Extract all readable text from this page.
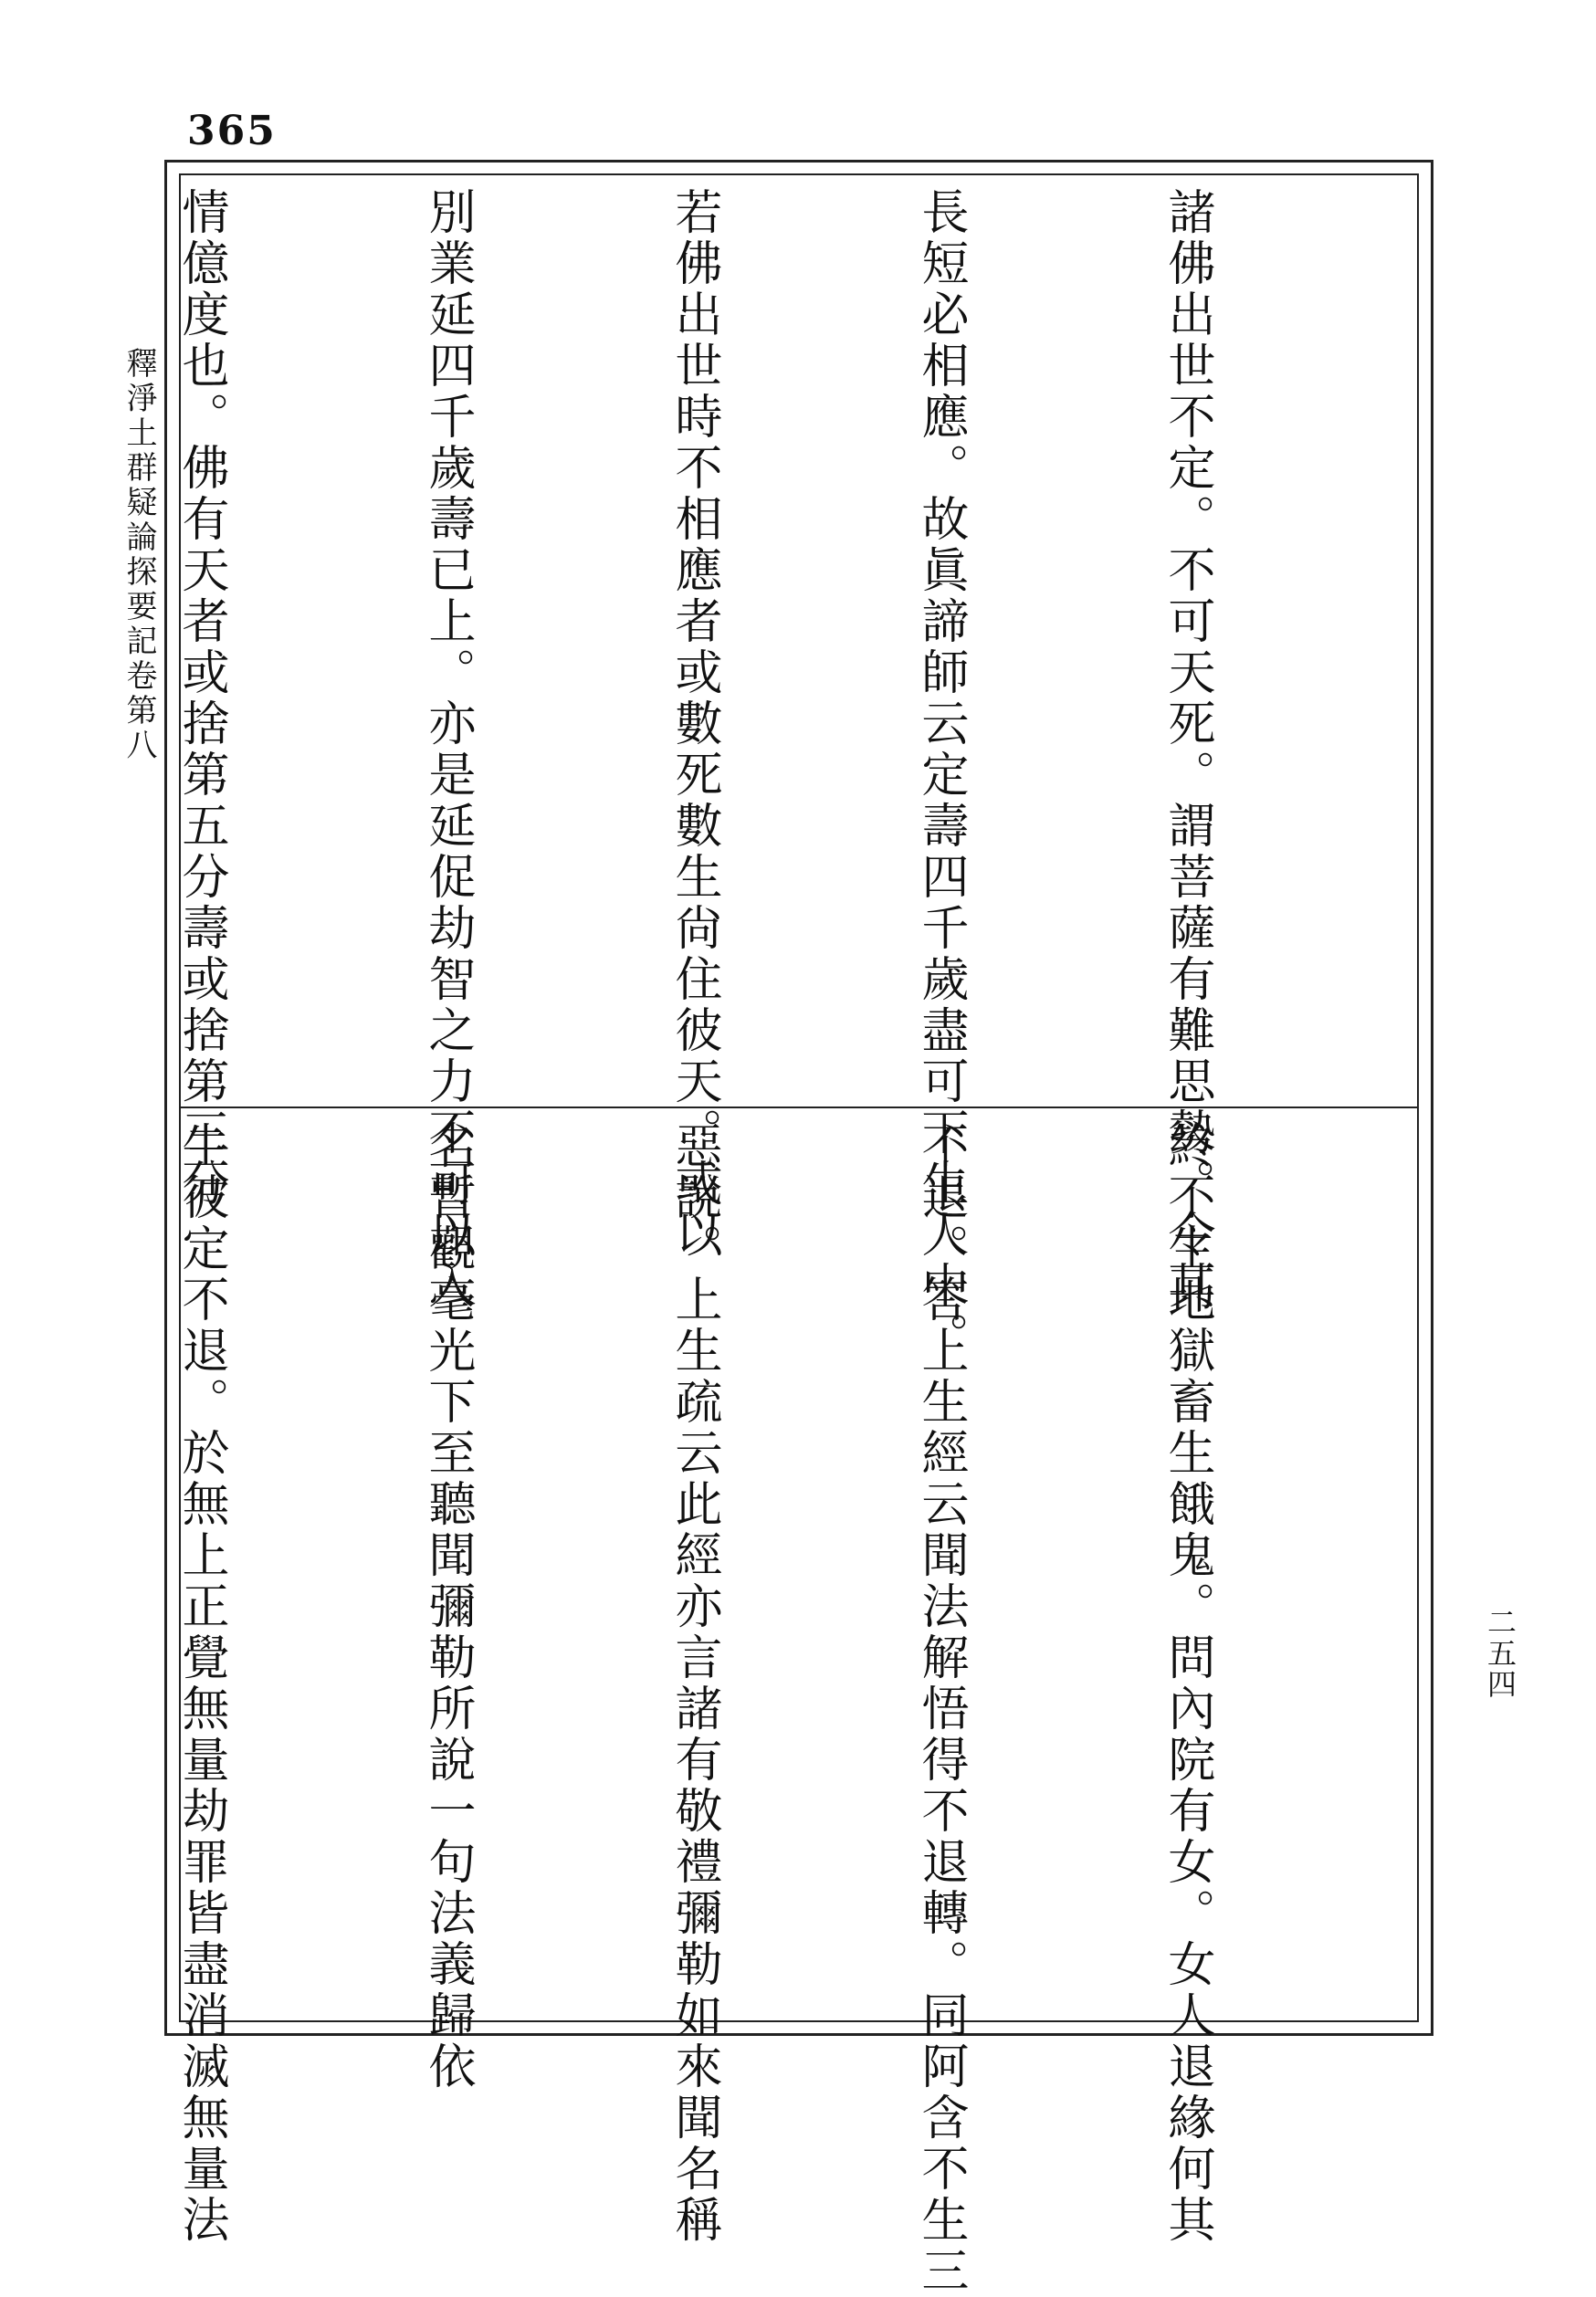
365
釋淨土群疑論探要記卷第八
二五四

諸佛出世不定。不可天死。謂菩薩有難思勢。令其

長短必相應。故眞諦師云定壽四千歲盡可下生人中。

若佛出世時不相應者或數死數生尙住彼天。或以

別業延四千歲壽已上。亦是延促劫智之力不可以入

情億度也。佛有天者或捨第五分壽或捨第三分

終不生地獄畜生餓鬼。問內院有女。女人退緣何其

不退。答上生經云聞法解悟得不退轉。同阿含不生三

惡說。上生疏云此經亦言諸有敬禮彌勒如來聞名稱

名暫觀毫光下至聽聞彌勒所說一句法義歸依

生彼定不退。於無上正覺無量劫罪皆盡消滅無量法
